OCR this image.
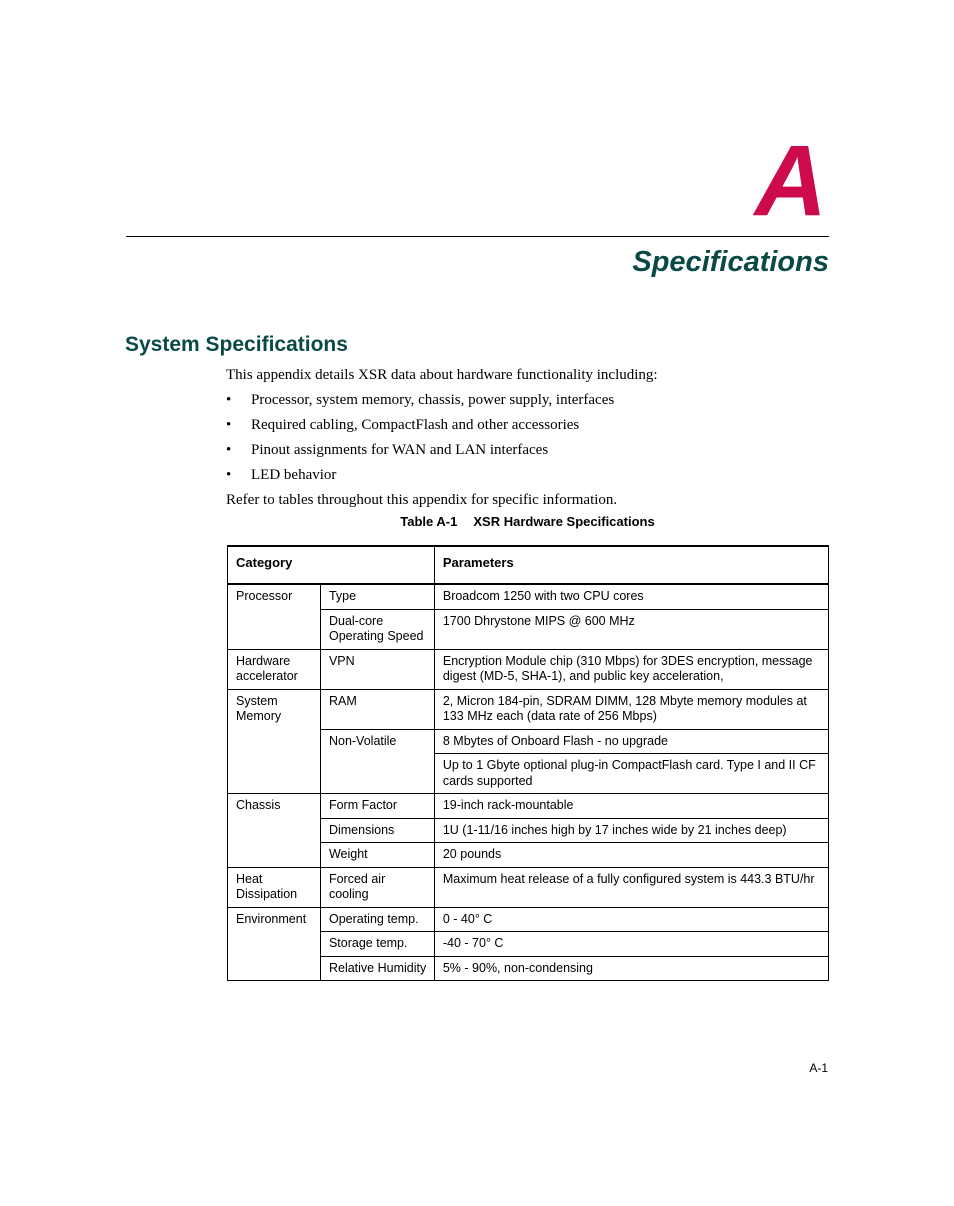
A
Specifications
System Specifications
This appendix details XSR data about hardware functionality including:
• Processor, system memory, chassis, power supply, interfaces
• Required cabling, CompactFlash and other accessories
• Pinout assignments for WAN and LAN interfaces
• LED behavior
Refer to tables throughout this appendix for specific information.
Table A-1 XSR Hardware Specifications
Category		Parameters
Processor	Type	Broadcom 1250 with two CPU cores
	Dual-core Operating Speed	1700 Dhrystone MIPS @ 600 MHz
Hardware accelerator	VPN	Encryption Module chip (310 Mbps) for 3DES encryption, message digest (MD-5, SHA-1), and public key acceleration,
System Memory	RAM	2, Micron 184-pin, SDRAM DIMM, 128 Mbyte memory modules at 133 MHz each (data rate of 256 Mbps)
	Non-Volatile	8 Mbytes of Onboard Flash - no upgrade
		Up to 1 Gbyte optional plug-in CompactFlash card. Type I and II CF cards supported
Chassis	Form Factor	19-inch rack-mountable
	Dimensions	1U (1-11/16 inches high by 17 inches wide by 21 inches deep)
	Weight	20 pounds
Heat Dissipation	Forced air cooling	Maximum heat release of a fully configured system is 443.3 BTU/hr
Environment	Operating temp.	0 - 40° C
	Storage temp.	-40 - 70° C
	Relative Humidity	5% - 90%, non-condensing
A-1
